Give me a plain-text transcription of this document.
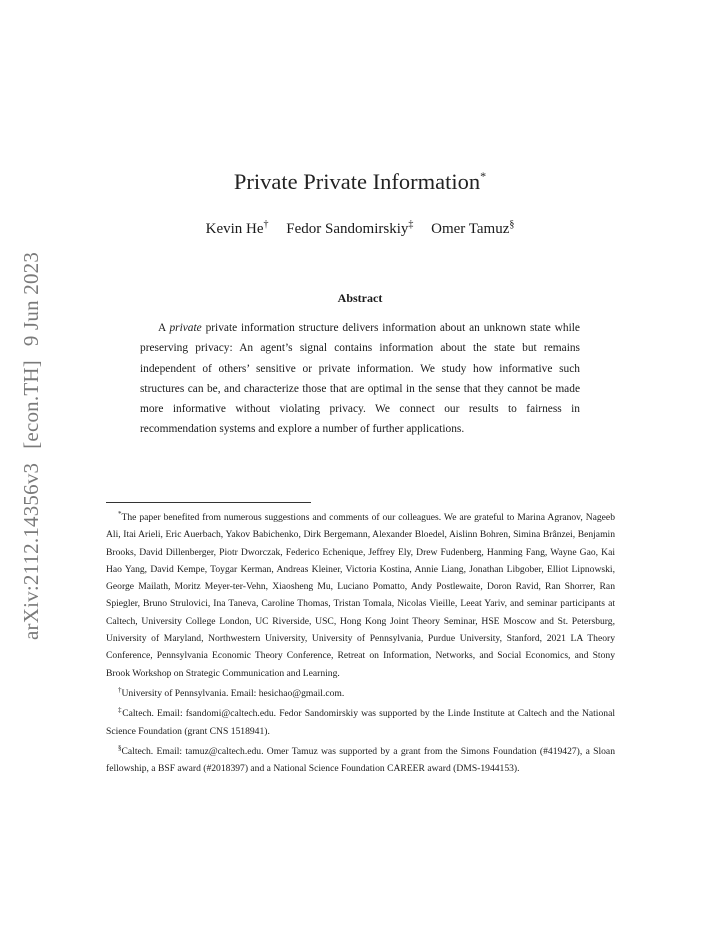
arXiv:2112.14356v3[econ.TH]9 Jun 2023
Private Private Information*
Kevin He† Fedor Sandomirskiy‡ Omer Tamuz§
Abstract
A private private information structure delivers information about an unknown state while preserving privacy: An agent’s signal contains information about the state but remains independent of others’ sensitive or private information. We study how informative such structures can be, and characterize those that are optimal in the sense that they cannot be made more informative without violating privacy. We connect our results to fairness in recommendation systems and explore a number of further applications.

*The paper benefited from numerous suggestions and comments of our colleagues. We are grateful to Marina Agranov, Nageeb Ali, Itai Arieli, Eric Auerbach, Yakov Babichenko, Dirk Bergemann, Alexander Bloedel, Aislinn Bohren, Simina Brânzei, Benjamin Brooks, David Dillenberger, Piotr Dworczak, Federico Echenique, Jeffrey Ely, Drew Fudenberg, Hanming Fang, Wayne Gao, Kai Hao Yang, David Kempe, Toygar Kerman, Andreas Kleiner, Victoria Kostina, Annie Liang, Jonathan Libgober, Elliot Lipnowski, George Mailath, Moritz Meyer-ter-Vehn, Xiaosheng Mu, Luciano Pomatto, Andy Postlewaite, Doron Ravid, Ran Shorrer, Ran Spiegler, Bruno Strulovici, Ina Taneva, Caroline Thomas, Tristan Tomala, Nicolas Vieille, Leeat Yariv, and seminar participants at Caltech, University College London, UC Riverside, USC, Hong Kong Joint Theory Seminar, HSE Moscow and St. Petersburg, University of Maryland, Northwestern University, University of Pennsylvania, Purdue University, Stanford, 2021 LA Theory Conference, Pennsylvania Economic Theory Conference, Retreat on Information, Networks, and Social Economics, and Stony Brook Workshop on Strategic Communication and Learning.

†University of Pennsylvania. Email: hesichao@gmail.com.

‡Caltech. Email: fsandomi@caltech.edu. Fedor Sandomirskiy was supported by the Linde Institute at Caltech and the National Science Foundation (grant CNS 1518941).

§Caltech. Email: tamuz@caltech.edu. Omer Tamuz was supported by a grant from the Simons Foundation (#419427), a Sloan fellowship, a BSF award (#2018397) and a National Science Foundation CAREER award (DMS-1944153).
